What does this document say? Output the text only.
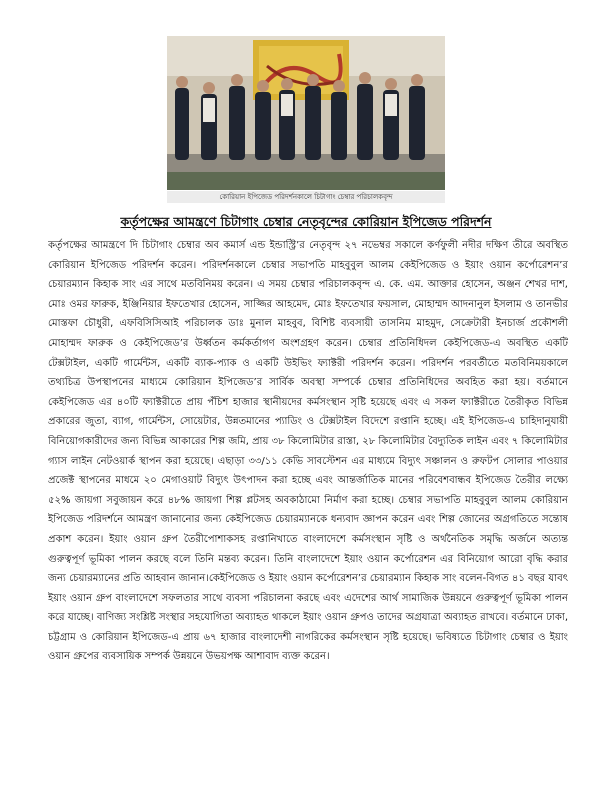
কোরিয়ান ইপিজেড পরিদর্শনকালে চিটাগাং চেম্বার পরিচালকবৃন্দ
কর্তৃপক্ষের আমন্ত্রণে চিটাগাং চেম্বার নেতৃবৃন্দের কোরিয়ান ইপিজেড পরিদর্শন
কর্তৃপক্ষের আমন্ত্রণে দি চিটাগাং চেম্বার অব কমার্স এন্ড ইন্ডাস্ট্রি’র নেতৃবৃন্দ ২৭ নভেম্বর সকালে কর্ণফুলী নদীর দক্ষিণ তীরে অবস্থিত কোরিয়ান ইপিজেড পরিদর্শন করেন। পরিদর্শনকালে চেম্বার সভাপতি মাহবুবুল আলম কেইপিজেড ও ইয়াং ওয়ান কর্পোরেশন’র চেয়ারম্যান কিহাক সাং এর সাথে মতবিনিময় করেন। এ সময় চেম্বার পরিচালকবৃন্দ এ. কে. এম. আক্তার হোসেন, অঞ্জন শেখর দাশ, মোঃ ওমর ফারুক, ইঞ্জিনিয়ার ইফতেখার হোসেন, সাজ্জির আহমেদ, মোঃ ইফতেখার ফয়সাল, মোহাম্মদ আদনানুল ইসলাম ও তানভীর মোস্তফা চৌধুরী, এফবিসিসিআই পরিচালক ডাঃ মুনাল মাহবুব, বিশিষ্ট ব্যবসায়ী তাসনিম মাহমুদ, সেক্রেটারী ইনচার্জ প্রকৌশলী মোহাম্মদ ফারুক ও কেইপিজেড’র উর্ধ্বতন কর্মকর্তাগণ অংশগ্রহণ করেন। চেম্বার প্রতিনিধিদল কেইপিজেড-এ অবস্থিত একটি টেক্সটাইল, একটি গার্মেন্টস, একটি ব্যাক-প্যাক ও একটি উইভিং ফ্যাক্টরী পরিদর্শন করেন। পরিদর্শন পরবর্তীতে মতবিনিময়কালে তথ্যচিত্র উপস্থাপনের মাধ্যমে কোরিয়ান ইপিজেড’র সার্বিক অবস্থা সম্পর্কে চেম্বার প্রতিনিধিদের অবহিত করা হয়। বর্তমানে কেইপিজেড এর ৪০টি ফ্যাক্টরীতে প্রায় পঁচিশ হাজার স্থানীয়দের কর্মসংস্থান সৃষ্টি হয়েছে এবং এ সকল ফ্যাক্টরীতে তৈরীকৃত বিভিন্ন প্রকারের জুতা, ব্যাগ, গার্মেন্টস, সোয়েটার, উন্নতমানের প্যাডিং ও টেক্সটাইল বিদেশে রপ্তানি হচ্ছে। এই ইপিজেড-এ চাহিদানুযায়ী বিনিয়োগকারীদের জন্য বিভিন্ন আকারের শিল্প জমি, প্রায় ৩৮ কিলোমিটার রাস্তা, ২৮ কিলোমিটার বৈদ্যুতিক লাইন এবং ৭ কিলোমিটার গ্যাস লাইন নেটওয়ার্ক স্থাপন করা হয়েছে। এছাড়া ৩৩/১১ কেভি সাবস্টেশন এর মাধ্যমে বিদ্যুৎ সঞ্চালন ও রুফটপ সোলার পাওয়ার প্রজেক্ট স্থাপনের মাধমে ২০ মেগাওয়াট বিদ্যুৎ উৎপাদন করা হচ্ছে এবং আন্তর্জাতিক মানের পরিবেশবান্ধব ইপিজেড তৈরীর লক্ষ্যে ৫২% জায়গা সবুজায়ন করে ৪৮% জায়গা শিল্প প্লটসহ অবকাঠামো নির্মাণ করা হচ্ছে। চেম্বার সভাপতি মাহবুবুল আলম কোরিয়ান ইপিজেড পরিদর্শনে আমন্ত্রণ জানানোর জন্য কেইপিজেড চেয়ারম্যানকে ধন্যবাদ জ্ঞাপন করেন এবং শিল্প জোনের অগ্রগতিতে সন্তোষ প্রকাশ করেন। ইয়াং ওয়ান গ্রুপ তৈরীপোশাকসহ রপ্তানিখাতে বাংলাদেশে কর্মসংস্থান সৃষ্টি ও অর্থনৈতিক সমৃদ্ধি অর্জনে অত্যন্ত গুরুত্বপূর্ণ ভূমিকা পালন করছে বলে তিনি মন্তব্য করেন। তিনি বাংলাদেশে ইয়াং ওয়ান কর্পোরেশন এর বিনিয়োগ আরো বৃদ্ধি করার জন্য চেয়ারম্যানের প্রতি আহবান জানান।কেইপিজেড ও ইয়াং ওয়ান কর্পোরেশন’র চেয়ারম্যান কিহাক সাং বলেন-বিগত ৪১ বছর যাবৎ ইয়াং ওয়ান গ্রুপ বাংলাদেশে সফলতার সাথে ব্যবসা পরিচালনা করছে এবং এদেশের আর্থ সামাজিক উন্নয়নে গুরুত্বপূর্ণ ভূমিকা পালন করে যাচ্ছে। বাণিজ্য সংশ্লিষ্ট সংস্থার সহযোগিতা অব্যাহত থাকলে ইয়াং ওয়ান গ্রুপও তাদের অগ্রযাত্রা অব্যাহত রাখবে। বর্তমানে ঢাকা, চট্টগ্রাম ও কোরিয়ান ইপিজেড-এ প্রায় ৬৭ হাজার বাংলাদেশী নাগরিকের কর্মসংস্থান সৃষ্টি হয়েছে। ভবিষ্যতে চিটাগাং চেম্বার ও ইয়াং ওয়ান গ্রুপের ব্যবসায়িক সম্পর্ক উন্নয়নে উভয়পক্ষ আশাবাদ ব্যক্ত করেন।
